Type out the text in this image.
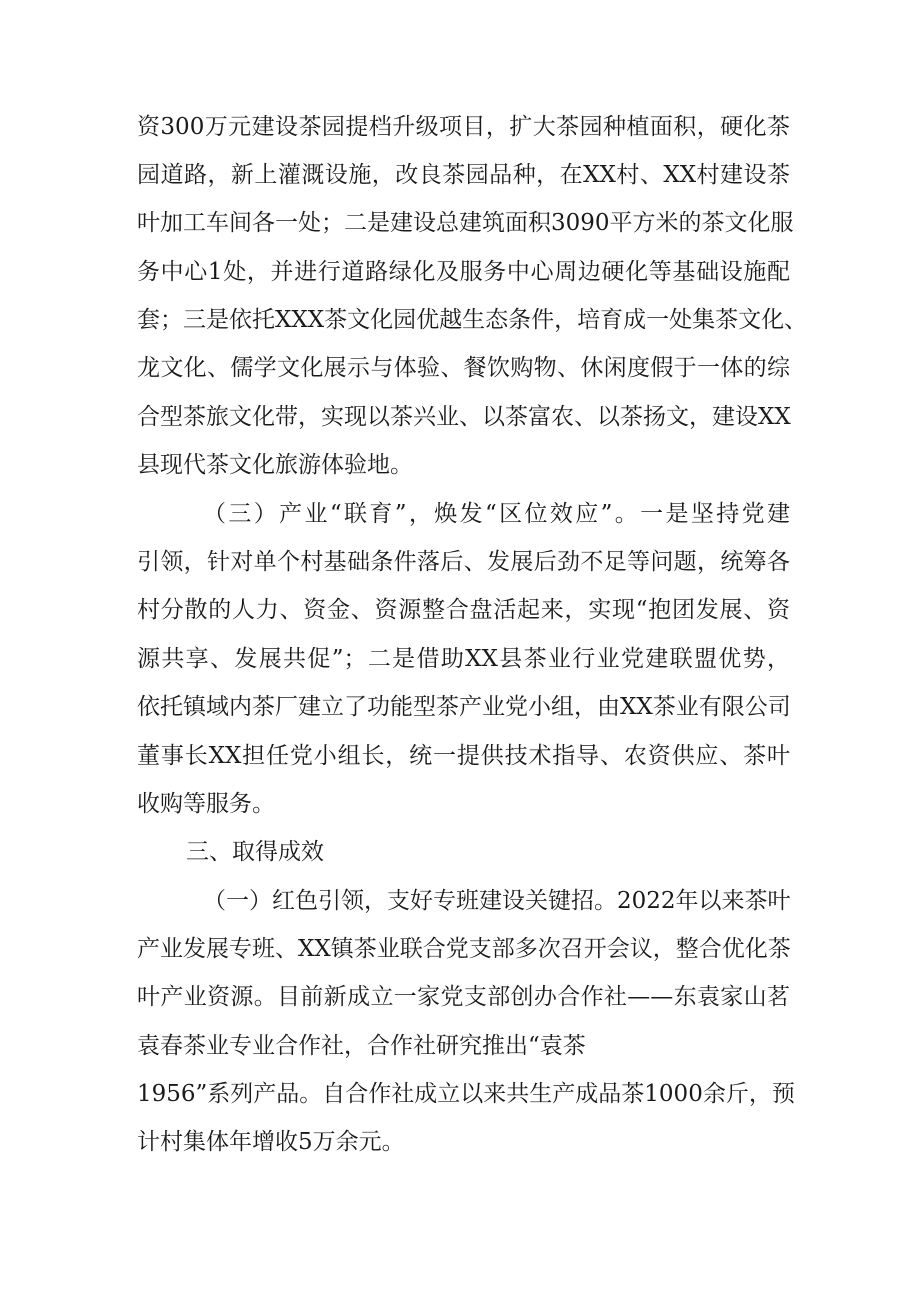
资300万元建设茶园提档升级项目，扩大茶园种植面积，硬化茶
园道路，新上灌溉设施，改良茶园品种，在XX村、XX村建设茶
叶加工车间各一处；二是建设总建筑面积3090平方米的茶文化服
务中心1处，并进行道路绿化及服务中心周边硬化等基础设施配
套；三是依托XXX茶文化园优越生态条件，培育成一处集茶文化、
龙文化、儒学文化展示与体验、餐饮购物、休闲度假于一体的综
合型茶旅文化带，实现以茶兴业、以茶富农、以茶扬文，建设XX
县现代茶文化旅游体验地。
（三）产业“联育”，焕发“区位效应”。一是坚持党建
引领，针对单个村基础条件落后、发展后劲不足等问题，统筹各
村分散的人力、资金、资源整合盘活起来，实现“抱团发展、资
源共享、发展共促”；二是借助XX县茶业行业党建联盟优势，
依托镇域内茶厂建立了功能型茶产业党小组，由XX茶业有限公司
董事长XX担任党小组长，统一提供技术指导、农资供应、茶叶
收购等服务。
三、取得成效
（一）红色引领，支好专班建设关键招。2022年以来茶叶
产业发展专班、XX镇茶业联合党支部多次召开会议，整合优化茶
叶产业资源。目前新成立一家党支部创办合作社——东袁家山茗
袁春茶业专业合作社，合作社研究推出“袁茶
1956”系列产品。自合作社成立以来共生产成品茶1000余斤，预
计村集体年增收5万余元。
